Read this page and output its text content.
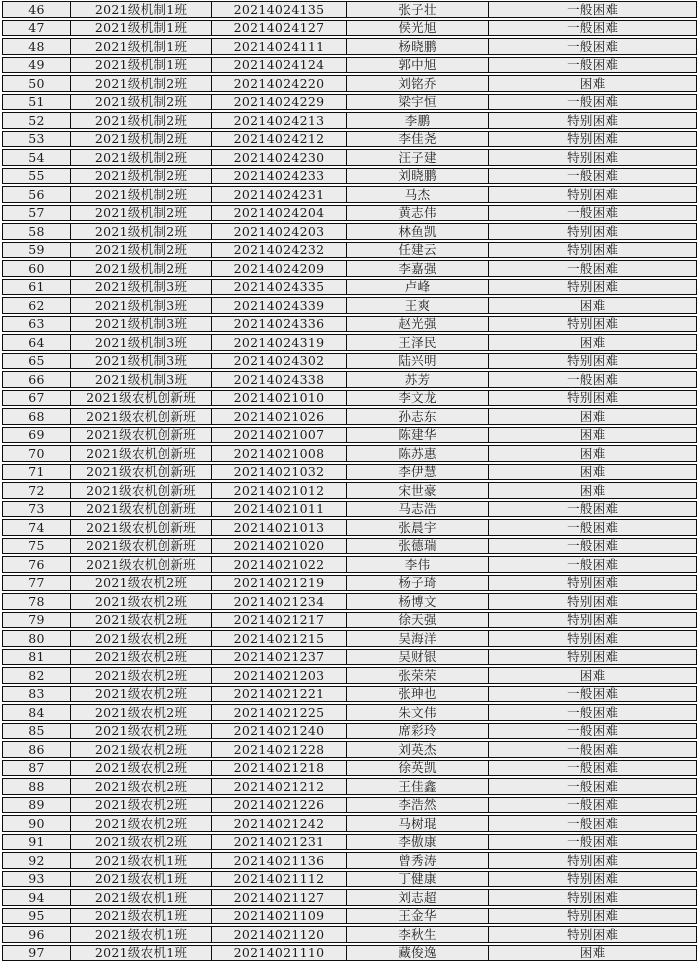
46	2021级机制1班	20214024135	张子壮	一般困难
47	2021级机制1班	20214024127	侯光旭	一般困难
48	2021级机制1班	20214024111	杨晓鹏	一般困难
49	2021级机制1班	20214024124	郭中旭	一般困难
50	2021级机制2班	20214024220	刘铭乔	困难
51	2021级机制2班	20214024229	梁宇恒	一般困难
52	2021级机制2班	20214024213	李鹏	特别困难
53	2021级机制2班	20214024212	李佳尧	特别困难
54	2021级机制2班	20214024230	汪子建	特别困难
55	2021级机制2班	20214024233	刘晓鹏	一般困难
56	2021级机制2班	20214024231	马杰	特别困难
57	2021级机制2班	20214024204	黄志伟	一般困难
58	2021级机制2班	20214024203	林鱼凯	特别困难
59	2021级机制2班	20214024232	任建云	特别困难
60	2021级机制2班	20214024209	李嘉强	一般困难
61	2021级机制3班	20214024335	卢峰	特别困难
62	2021级机制3班	20214024339	王爽	困难
63	2021级机制3班	20214024336	赵光强	特别困难
64	2021级机制3班	20214024319	王泽民	困难
65	2021级机制3班	20214024302	陆兴明	特别困难
66	2021级机制3班	20214024338	苏芳	一般困难
67	2021级农机创新班	20214021010	李文龙	特别困难
68	2021级农机创新班	20214021026	孙志东	困难
69	2021级农机创新班	20214021007	陈建华	困难
70	2021级农机创新班	20214021008	陈苏惠	困难
71	2021级农机创新班	20214021032	李伊慧	困难
72	2021级农机创新班	20214021012	宋世豪	困难
73	2021级农机创新班	20214021011	马志浩	一般困难
74	2021级农机创新班	20214021013	张晨宇	一般困难
75	2021级农机创新班	20214021020	张德瑞	一般困难
76	2021级农机创新班	20214021022	李伟	一般困难
77	2021级农机2班	20214021219	杨子琦	特别困难
78	2021级农机2班	20214021234	杨博文	特别困难
79	2021级农机2班	20214021217	徐天强	特别困难
80	2021级农机2班	20214021215	吴海洋	特别困难
81	2021级农机2班	20214021237	吴财银	特别困难
82	2021级农机2班	20214021203	张荣荣	困难
83	2021级农机2班	20214021221	张珅也	一般困难
84	2021级农机2班	20214021225	朱文伟	一般困难
85	2021级农机2班	20214021240	席彩玲	一般困难
86	2021级农机2班	20214021228	刘英杰	一般困难
87	2021级农机2班	20214021218	徐英凯	一般困难
88	2021级农机2班	20214021212	王佳鑫	一般困难
89	2021级农机2班	20214021226	李浩然	一般困难
90	2021级农机2班	20214021242	马树琨	一般困难
91	2021级农机2班	20214021231	李傲康	一般困难
92	2021级农机1班	20214021136	曾秀涛	特别困难
93	2021级农机1班	20214021112	丁健康	特别困难
94	2021级农机1班	20214021127	刘志超	特别困难
95	2021级农机1班	20214021109	王金华	特别困难
96	2021级农机1班	20214021120	李秋生	特别困难
97	2021级农机1班	20214021110	藏俊逸	困难
